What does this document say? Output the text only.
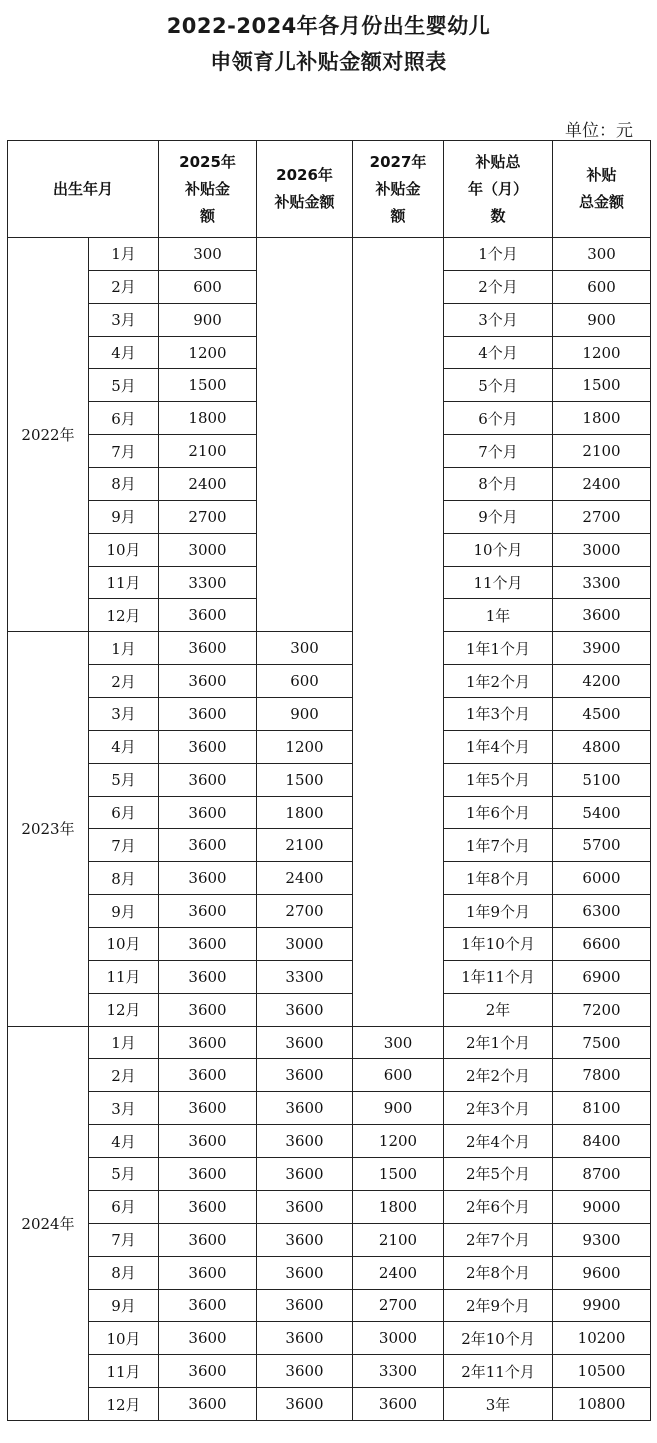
2022-2024年各月份出生婴幼儿
申领育儿补贴金额对照表
单位：元
出生年月		2025年
补贴金
额	2026年
补贴金额	2027年
补贴金
额	补贴总
年（月）
数	补贴
总金额
2022年	1月	300			1个月	300
	2月	600			2个月	600
	3月	900			3个月	900
	4月	1200			4个月	1200
	5月	1500			5个月	1500
	6月	1800			6个月	1800
	7月	2100			7个月	2100
	8月	2400			8个月	2400
	9月	2700			9个月	2700
	10月	3000			10个月	3000
	11月	3300			11个月	3300
	12月	3600			1年	3600
2023年	1月	3600	300		1年1个月	3900
	2月	3600	600		1年2个月	4200
	3月	3600	900		1年3个月	4500
	4月	3600	1200		1年4个月	4800
	5月	3600	1500		1年5个月	5100
	6月	3600	1800		1年6个月	5400
	7月	3600	2100		1年7个月	5700
	8月	3600	2400		1年8个月	6000
	9月	3600	2700		1年9个月	6300
	10月	3600	3000		1年10个月	6600
	11月	3600	3300		1年11个月	6900
	12月	3600	3600		2年	7200
2024年	1月	3600	3600	300	2年1个月	7500
	2月	3600	3600	600	2年2个月	7800
	3月	3600	3600	900	2年3个月	8100
	4月	3600	3600	1200	2年4个月	8400
	5月	3600	3600	1500	2年5个月	8700
	6月	3600	3600	1800	2年6个月	9000
	7月	3600	3600	2100	2年7个月	9300
	8月	3600	3600	2400	2年8个月	9600
	9月	3600	3600	2700	2年9个月	9900
	10月	3600	3600	3000	2年10个月	10200
	11月	3600	3600	3300	2年11个月	10500
	12月	3600	3600	3600	3年	10800
